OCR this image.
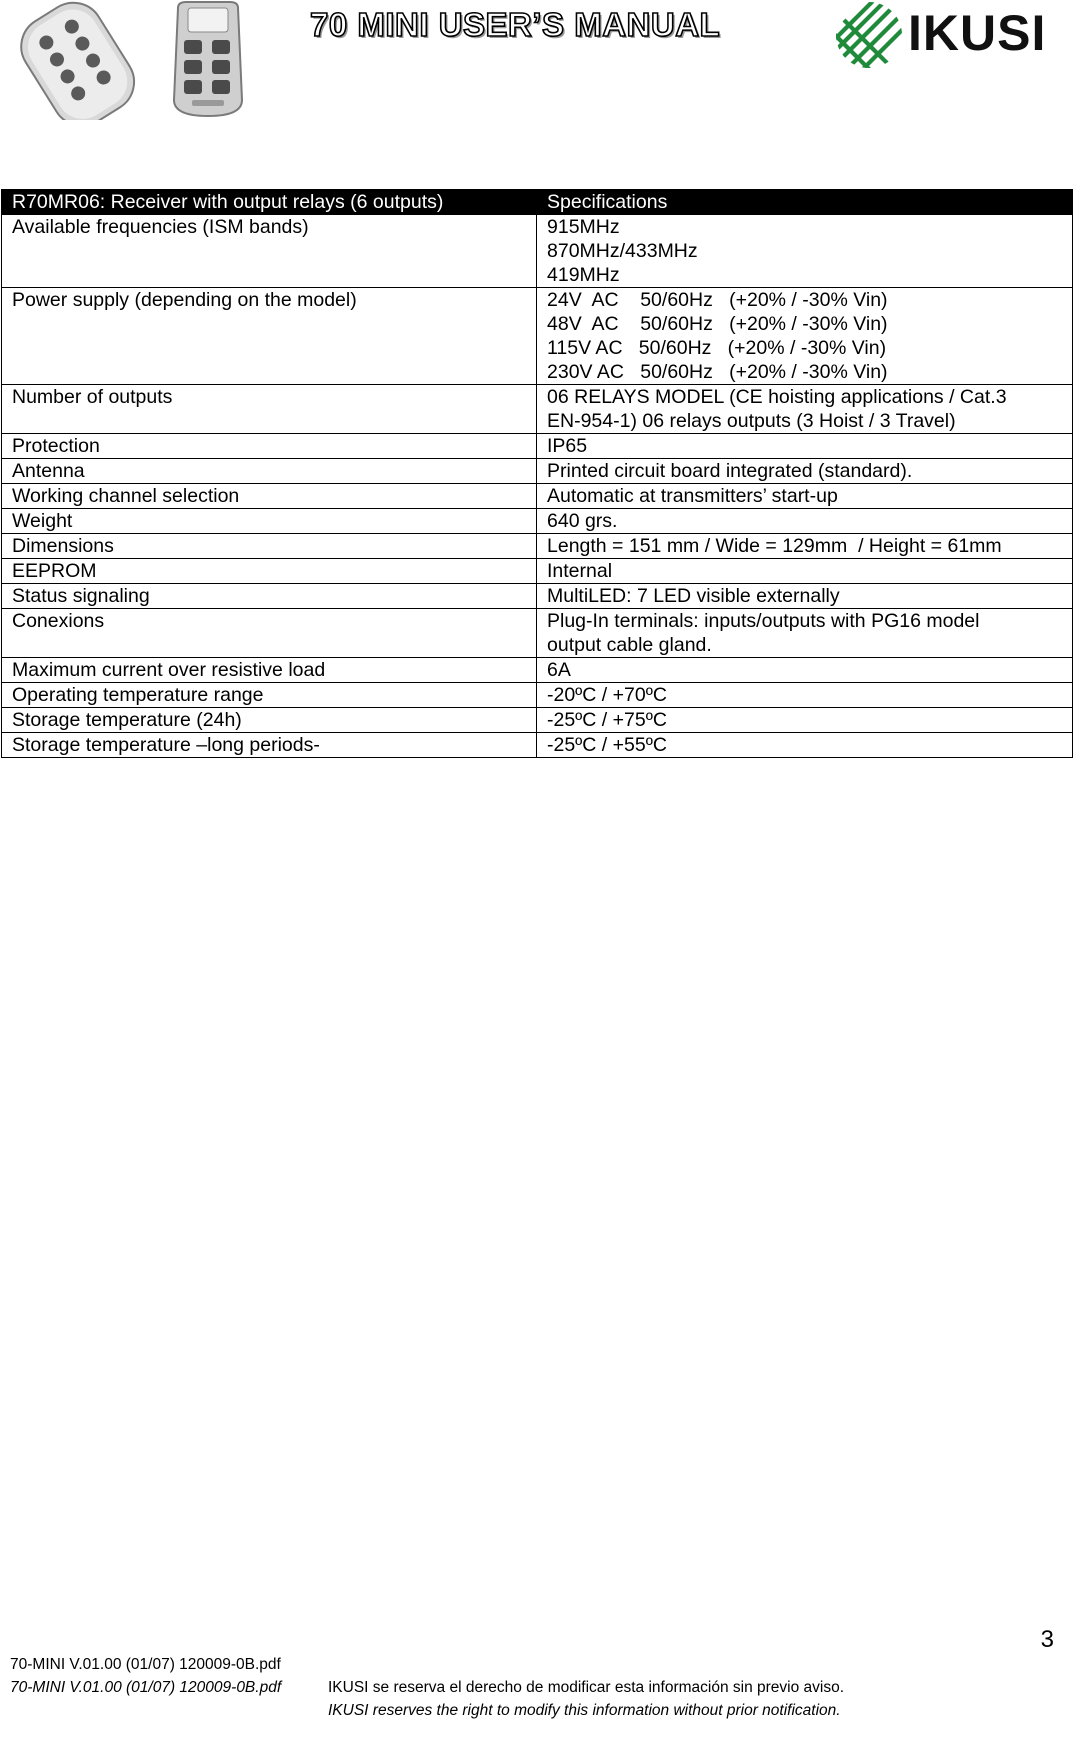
70 MINI USER’S MANUAL	IKUSI
R70MR06: Receiver with output relays (6 outputs)	Specifications
Available frequencies (ISM bands)	915MHz
870MHz/433MHz
419MHz

Power supply (depending on the model)	24V  AC    50/60Hz   (+20% / -30% Vin)
48V  AC    50/60Hz   (+20% / -30% Vin)
115V AC   50/60Hz   (+20% / -30% Vin)
230V AC   50/60Hz   (+20% / -30% Vin)

Number of outputs	06 RELAYS MODEL (CE hoisting applications / Cat.3
EN-954-1) 06 relays outputs (3 Hoist / 3 Travel)

Protection	IP65

Antenna	Printed circuit board integrated (standard).

Working channel selection	Automatic at transmitters’ start-up

Weight	640 grs.

Dimensions	Length = 151 mm / Wide = 129mm  / Height = 61mm

EEPROM	Internal

Status signaling	MultiLED: 7 LED visible externally

Conexions	Plug-In terminals: inputs/outputs with PG16 model
output cable gland.

Maximum current over resistive load	6A

Operating temperature range	-20ºC / +70ºC

Storage temperature (24h)	-25ºC / +75ºC

Storage temperature –long periods-	-25ºC / +55ºC

70-MINI V.01.00 (01/07) 120009-0B.pdf

IKUSI se reserva el derecho de modificar esta información sin previo aviso.

70-MINI V.01.00 (01/07) 120009-0B.pdf

IKUSI reserves the right to modify this information without prior notification.

3
